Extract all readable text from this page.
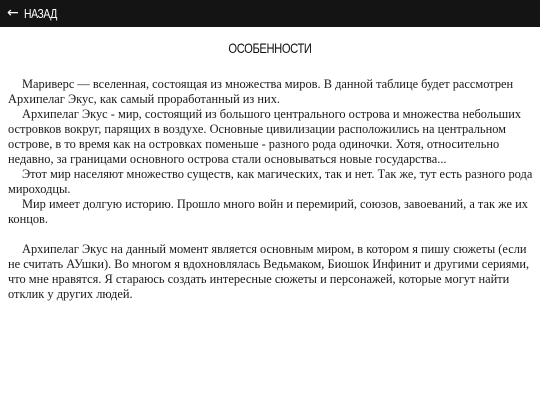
← НАЗАД
ОСОБЕННОСТИ

Мариверс — вселенная, состоящая из множества миров. В данной таблице будет рассмотрен Архипелаг Экус, как самый проработанный из них.

Архипелаг Экус - мир, состоящий из большого центрального острова и множества небольших островков вокруг, парящих в воздухе. Основные цивилизации расположились на центральном острове, в то время как на островках поменьше - разного рода одиночки. Хотя, относительно недавно, за границами основного острова стали основываться новые государства...

Этот мир населяют множество существ, как магических, так и нет. Так же, тут есть разного рода мироходцы.

Мир имеет долгую историю. Прошло много войн и перемирий, союзов, завоеваний, а так же их концов.

Архипелаг Экус на данный момент является основным миром, в котором я пишу сюжеты (если не считать АУшки). Во многом я вдохновлялась Ведьмаком, Биошок Инфинит и другими сериями, что мне нравятся. Я стараюсь создать интересные сюжеты и персонажей, которые могут найти отклик у других людей.
